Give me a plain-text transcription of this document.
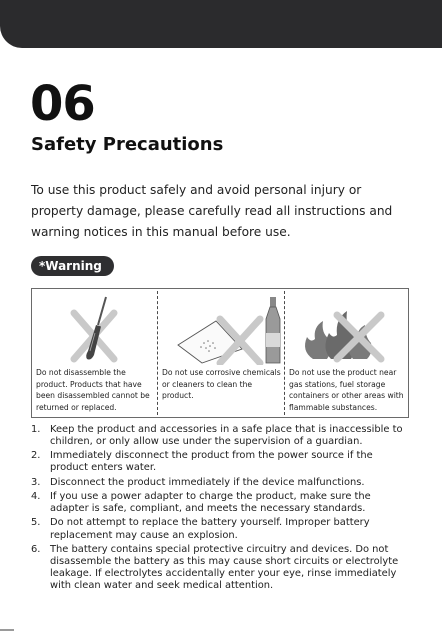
06
Safety Precautions

To use this product safely and avoid personal injury or property damage, please carefully read all instructions and warning notices in this manual before use.

*Warning

Do not disassemble the product. Products that have been disassembled cannot be returned or replaced.

Do not use corrosive chemicals or cleaners to clean the product.

Do not use the product near gas stations, fuel storage containers or other areas with flammable substances.

1. Keep the product and accessories in a safe place that is inaccessible to children, or only allow use under the supervision of a guardian.
2. Immediately disconnect the product from the power source if the product enters water.
3. Disconnect the product immediately if the device malfunctions.
4. If you use a power adapter to charge the product, make sure the adapter is safe, compliant, and meets the necessary standards.
5. Do not attempt to replace the battery yourself. Improper battery replacement may cause an explosion.
6. The battery contains special protective circuitry and devices. Do not disassemble the battery as this may cause short circuits or electrolyte leakage. If electrolytes accidentally enter your eye, rinse immediately with clean water and seek medical attention.
